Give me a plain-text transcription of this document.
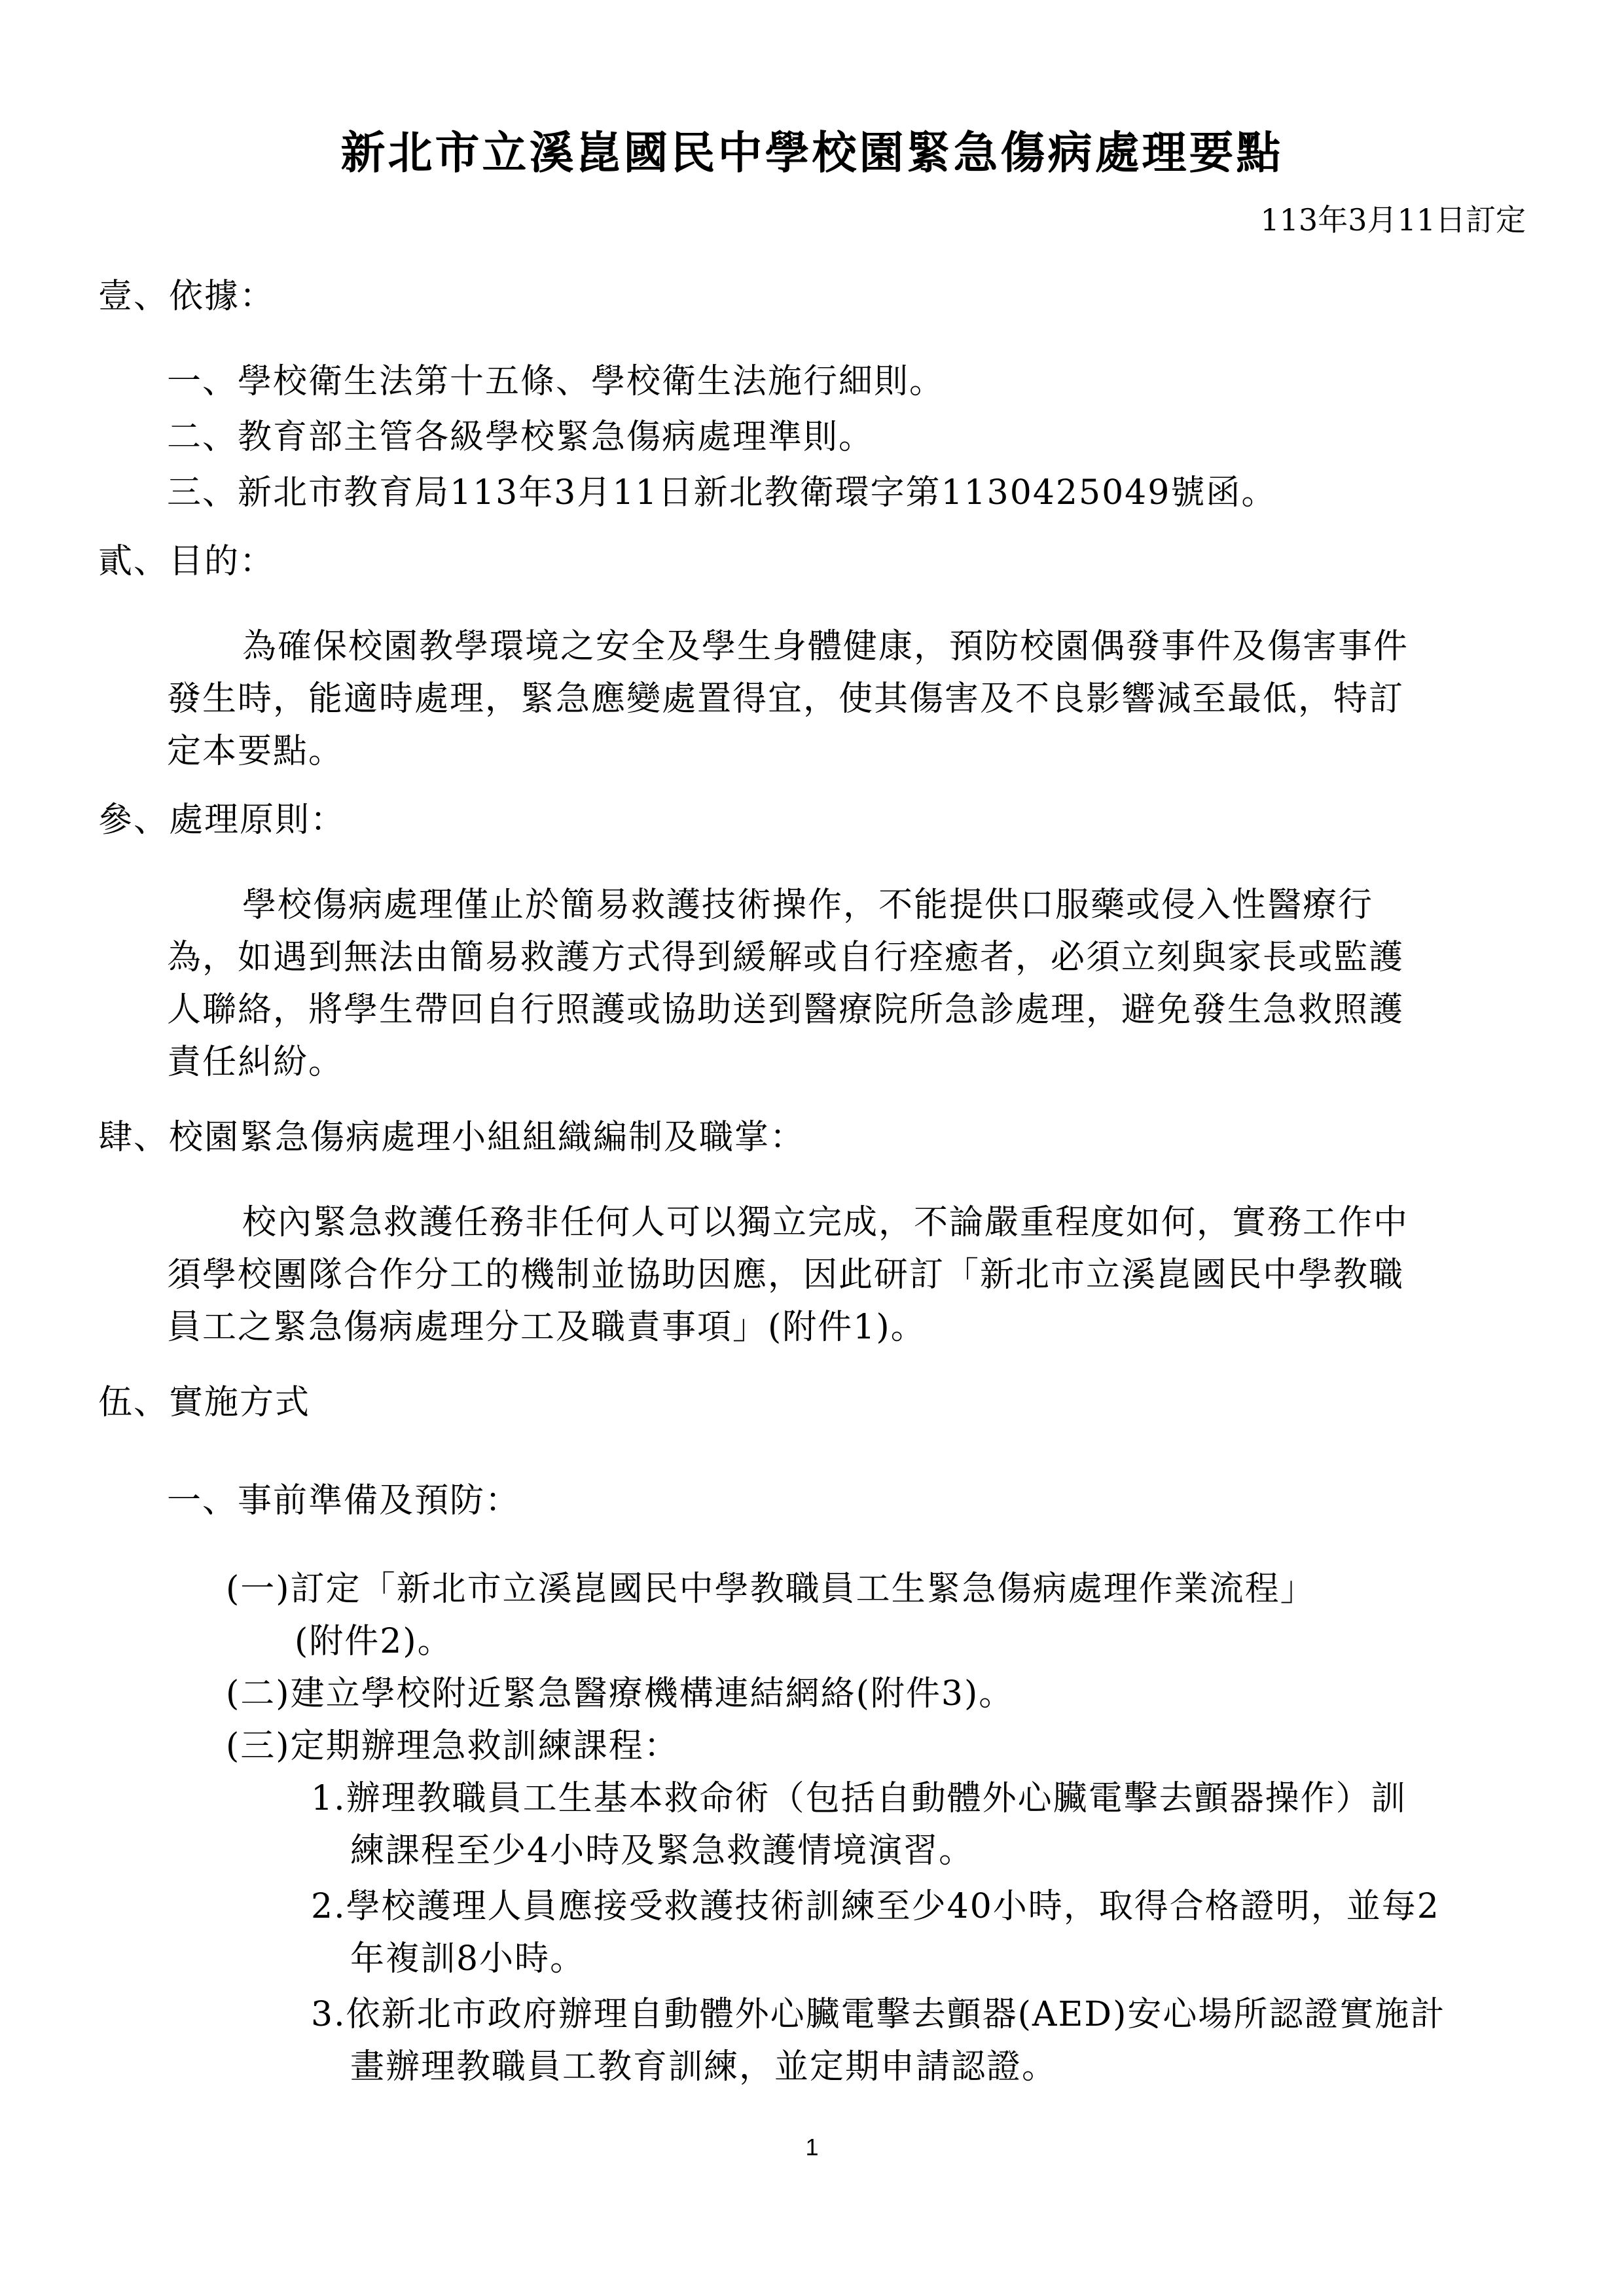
新北市立溪崑國民中學校園緊急傷病處理要點
113年3月11日訂定
壹、依據：
一、學校衛生法第十五條、學校衛生法施行細則。
二、教育部主管各級學校緊急傷病處理準則。
三、新北市教育局113年3月11日新北教衛環字第1130425049號函。
貳、目的：
為確保校園教學環境之安全及學生身體健康，預防校園偶發事件及傷害事件
發生時，能適時處理，緊急應變處置得宜，使其傷害及不良影響減至最低，特訂
定本要點。
參、處理原則：
學校傷病處理僅止於簡易救護技術操作，不能提供口服藥或侵入性醫療行
為，如遇到無法由簡易救護方式得到緩解或自行痊癒者，必須立刻與家長或監護
人聯絡，將學生帶回自行照護或協助送到醫療院所急診處理，避免發生急救照護
責任糾紛。
肆、校園緊急傷病處理小組組織編制及職掌：
校內緊急救護任務非任何人可以獨立完成，不論嚴重程度如何，實務工作中
須學校團隊合作分工的機制並協助因應，因此研訂「新北市立溪崑國民中學教職
員工之緊急傷病處理分工及職責事項」(附件1)。
伍、實施方式
一、事前準備及預防：
(一)訂定「新北市立溪崑國民中學教職員工生緊急傷病處理作業流程」
(附件2)。
(二)建立學校附近緊急醫療機構連結網絡(附件3)。
(三)定期辦理急救訓練課程：
1.辦理教職員工生基本救命術（包括自動體外心臟電擊去顫器操作）訓
練課程至少4小時及緊急救護情境演習。
2.學校護理人員應接受救護技術訓練至少40小時，取得合格證明，並每2
年複訓8小時。
3.依新北市政府辦理自動體外心臟電擊去顫器(AED)安心場所認證實施計
畫辦理教職員工教育訓練，並定期申請認證。
1
